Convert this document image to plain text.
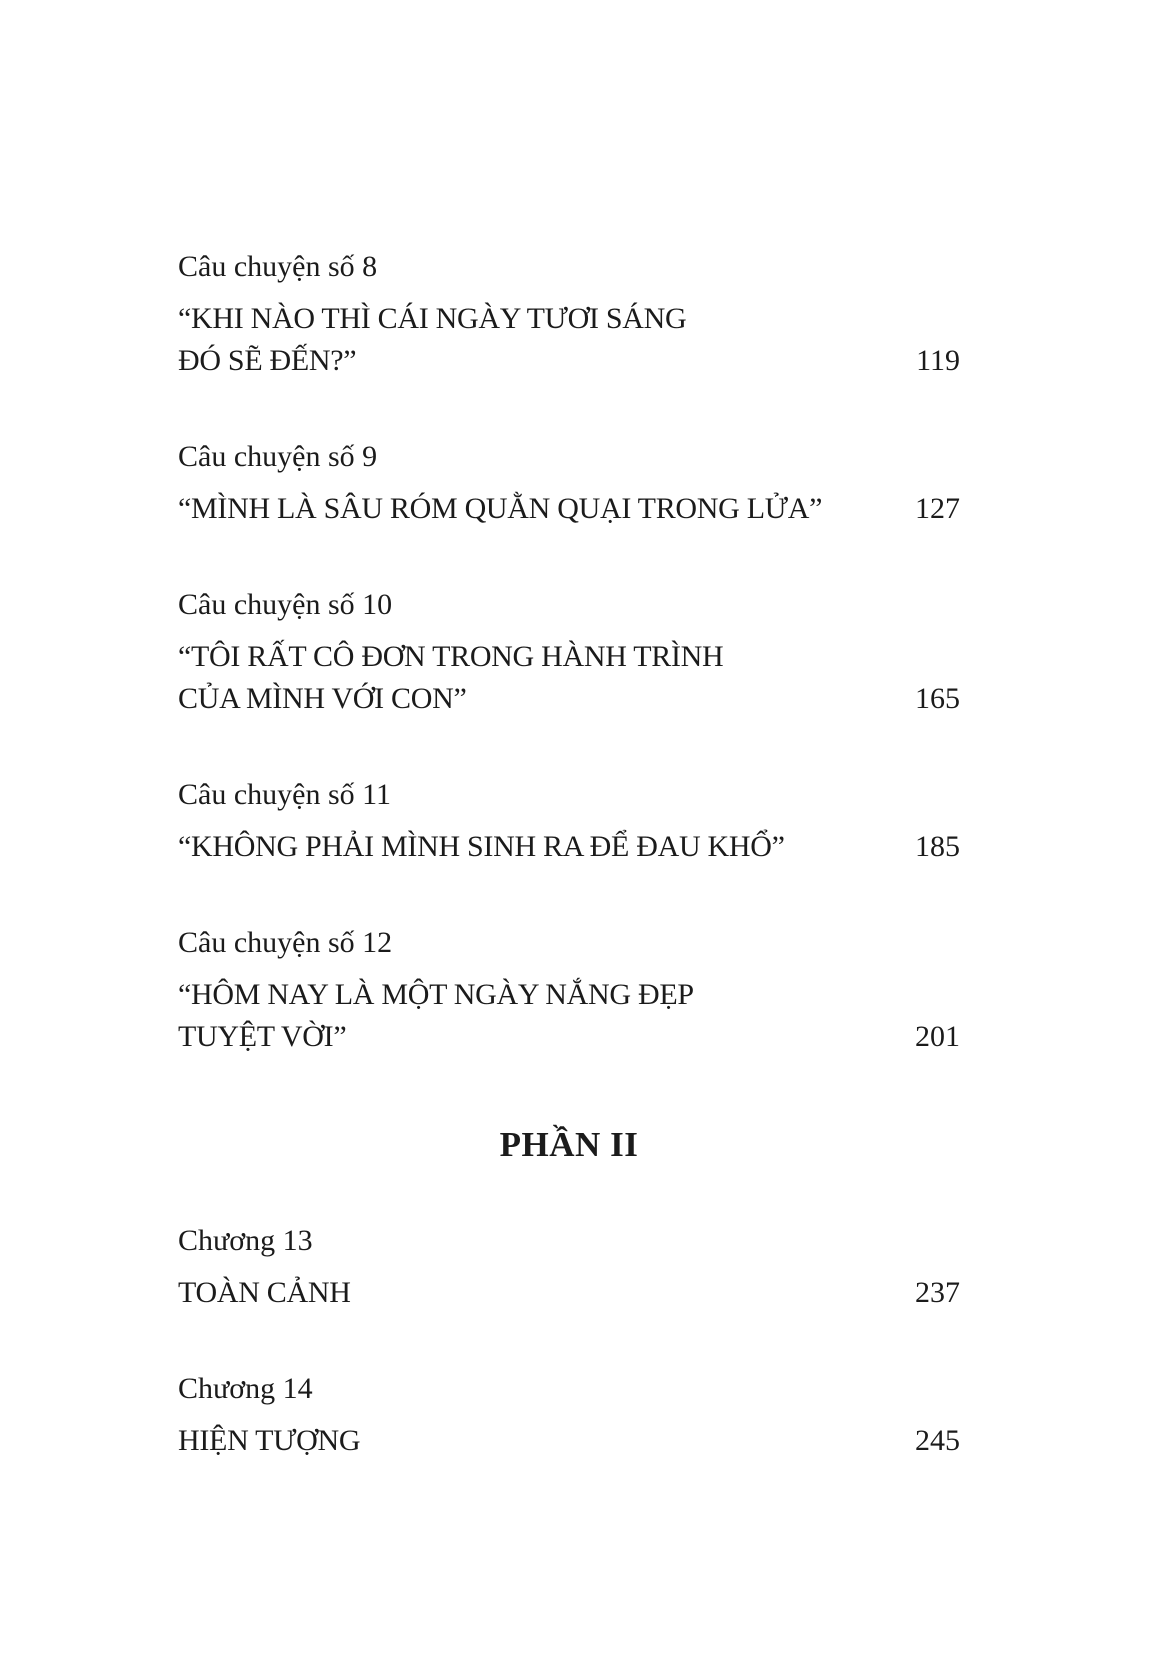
Câu chuyện số 8

“KHI NÀO THÌ CÁI NGÀY TƯƠI SÁNG
ĐÓ SẼ ĐẾN?”	119

Câu chuyện số 9

“MÌNH LÀ SÂU RÓM QUẰN QUẠI TRONG LỬA”	127

Câu chuyện số 10

“TÔI RẤT CÔ ĐƠN TRONG HÀNH TRÌNH
CỦA MÌNH VỚI CON”	165

Câu chuyện số 11

“KHÔNG PHẢI MÌNH SINH RA ĐỂ ĐAU KHỔ”	185

Câu chuyện số 12

“HÔM NAY LÀ MỘT NGÀY NẮNG ĐẸP
TUYỆT VỜI”	201
PHẦN II

Chương 13

TOÀN CẢNH	237

Chương 14

HIỆN TƯỢNG	245
